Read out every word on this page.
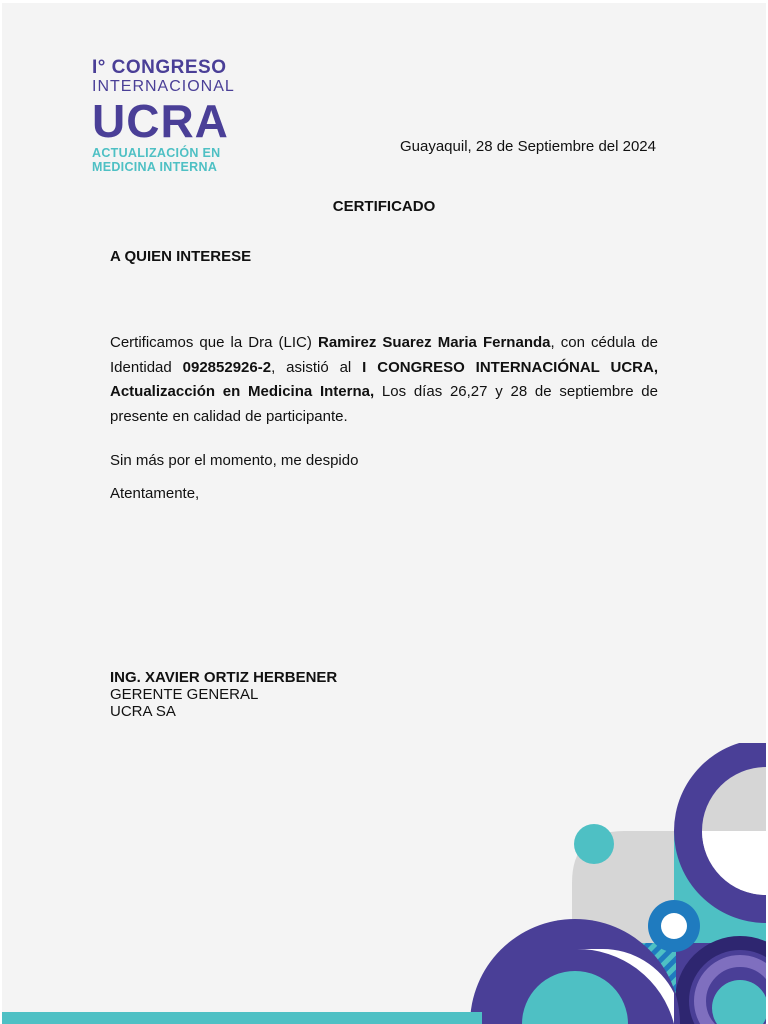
I° CONGRESO
INTERNACIONAL
UCRA
ACTUALIZACIÓN EN
MEDICINA INTERNA
Guayaquil, 28 de Septiembre del 2024
CERTIFICADO
A QUIEN INTERESE
Certificamos que la Dra (LIC) Ramirez Suarez Maria Fernanda, con cédula de Identidad 092852926-2, asistió al I CONGRESO INTERNACIÓNAL UCRA, Actualizacción en Medicina Interna, Los días 26,27 y 28 de septiembre de presente en calidad de participante.
Sin más por el momento, me despido
Atentamente,
ING. XAVIER ORTIZ HERBENER
GERENTE GENERAL
UCRA SA
